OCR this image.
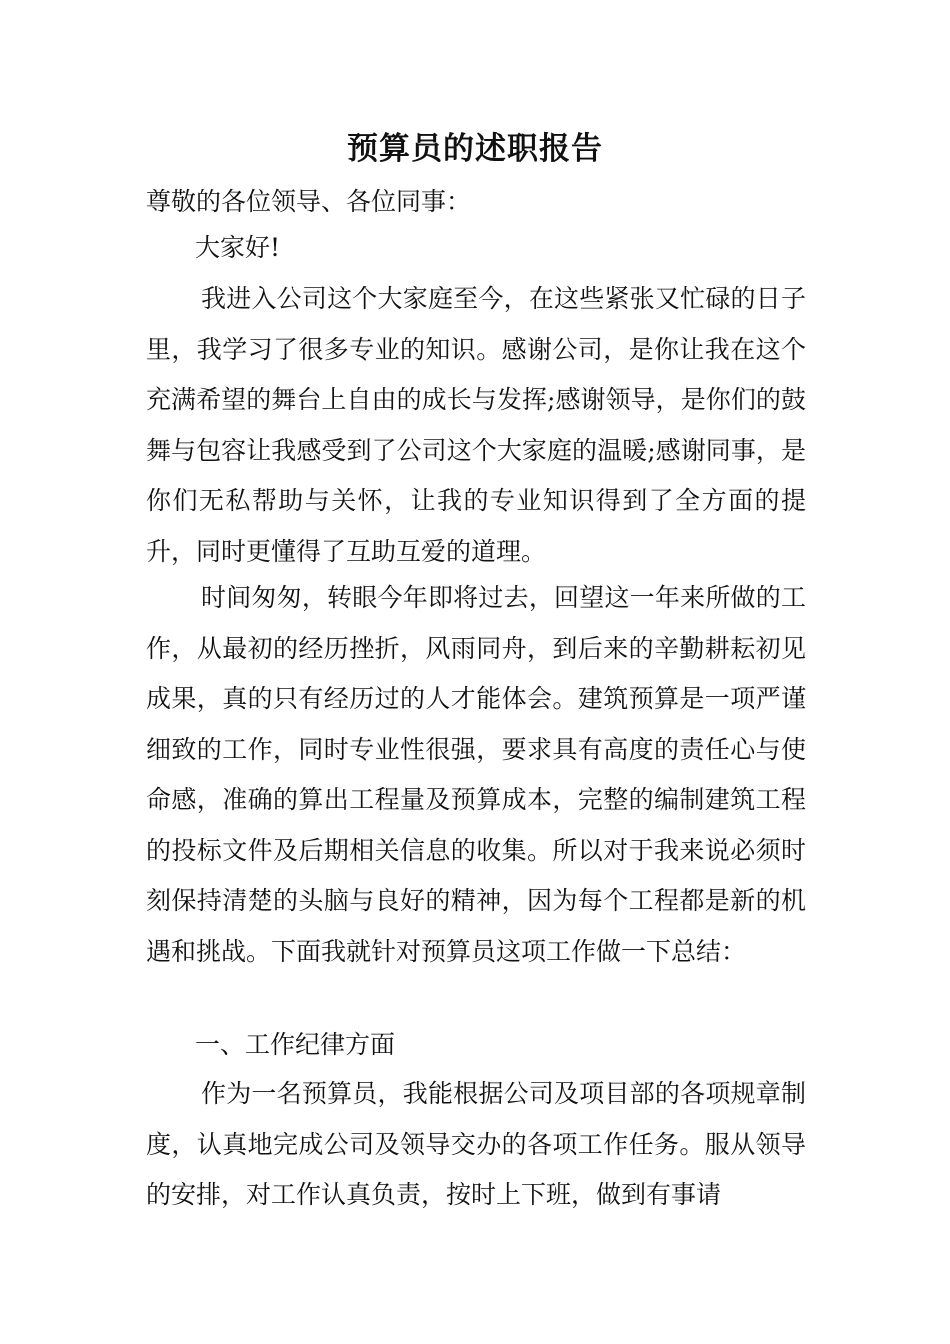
预算员的述职报告
尊敬的各位领导、各位同事：
大家好!
我进入公司这个大家庭至今，在这些紧张又忙碌的日子里，我学习了很多专业的知识。感谢公司，是你让我在这个充满希望的舞台上自由的成长与发挥;感谢领导，是你们的鼓舞与包容让我感受到了公司这个大家庭的温暖;感谢同事，是你们无私帮助与关怀，让我的专业知识得到了全方面的提升，同时更懂得了互助互爱的道理。
时间匆匆，转眼今年即将过去，回望这一年来所做的工作，从最初的经历挫折，风雨同舟，到后来的辛勤耕耘初见成果，真的只有经历过的人才能体会。建筑预算是一项严谨细致的工作，同时专业性很强，要求具有高度的责任心与使命感，准确的算出工程量及预算成本，完整的编制建筑工程的投标文件及后期相关信息的收集。所以对于我来说必须时刻保持清楚的头脑与良好的精神，因为每个工程都是新的机遇和挑战。下面我就针对预算员这项工作做一下总结：
一、工作纪律方面
作为一名预算员，我能根据公司及项目部的各项规章制度，认真地完成公司及领导交办的各项工作任务。服从领导的安排，对工作认真负责，按时上下班，做到有事请
